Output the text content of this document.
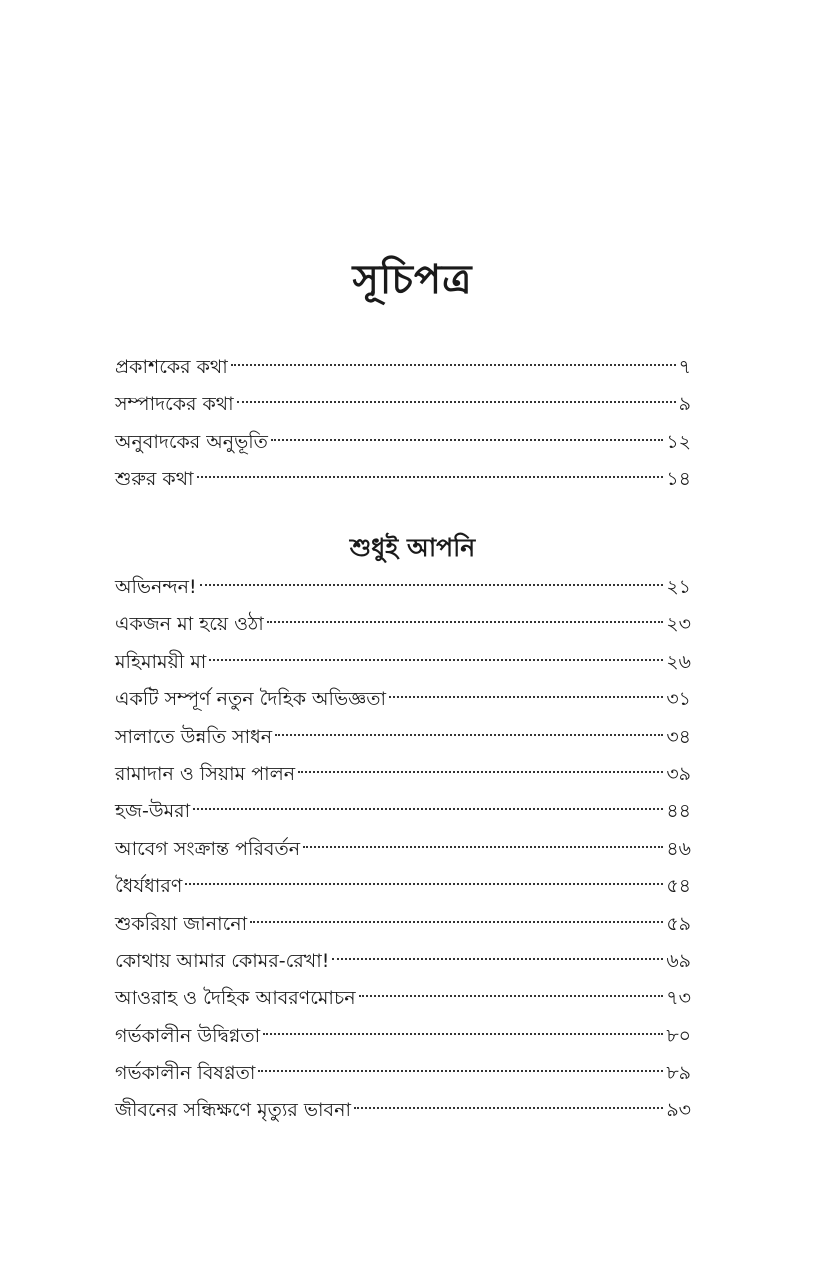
সূচিপত্র
প্রকাশকের কথা	৭
সম্পাদকের কথা	৯
অনুবাদকের অনুভূতি	১২
শুরুর কথা	১৪
শুধুই আপনি
অভিনন্দন!	২১
একজন মা হয়ে ওঠা	২৩
মহিমাময়ী মা	২৬
একটি সম্পূর্ণ নতুন দৈহিক অভিজ্ঞতা	৩১
সালাতে উন্নতি সাধন	৩৪
রামাদান ও সিয়াম পালন	৩৯
হজ-উমরা	৪৪
আবেগ সংক্রান্ত পরিবর্তন	৪৬
ধৈর্যধারণ	৫৪
শুকরিয়া জানানো	৫৯
কোথায় আমার কোমর-রেখা!	৬৯
আওরাহ ও দৈহিক আবরণমোচন	৭৩
গর্ভকালীন উদ্বিগ্নতা	৮০
গর্ভকালীন বিষণ্ণতা	৮৯
জীবনের সন্ধিক্ষণে মৃত্যুর ভাবনা	৯৩
